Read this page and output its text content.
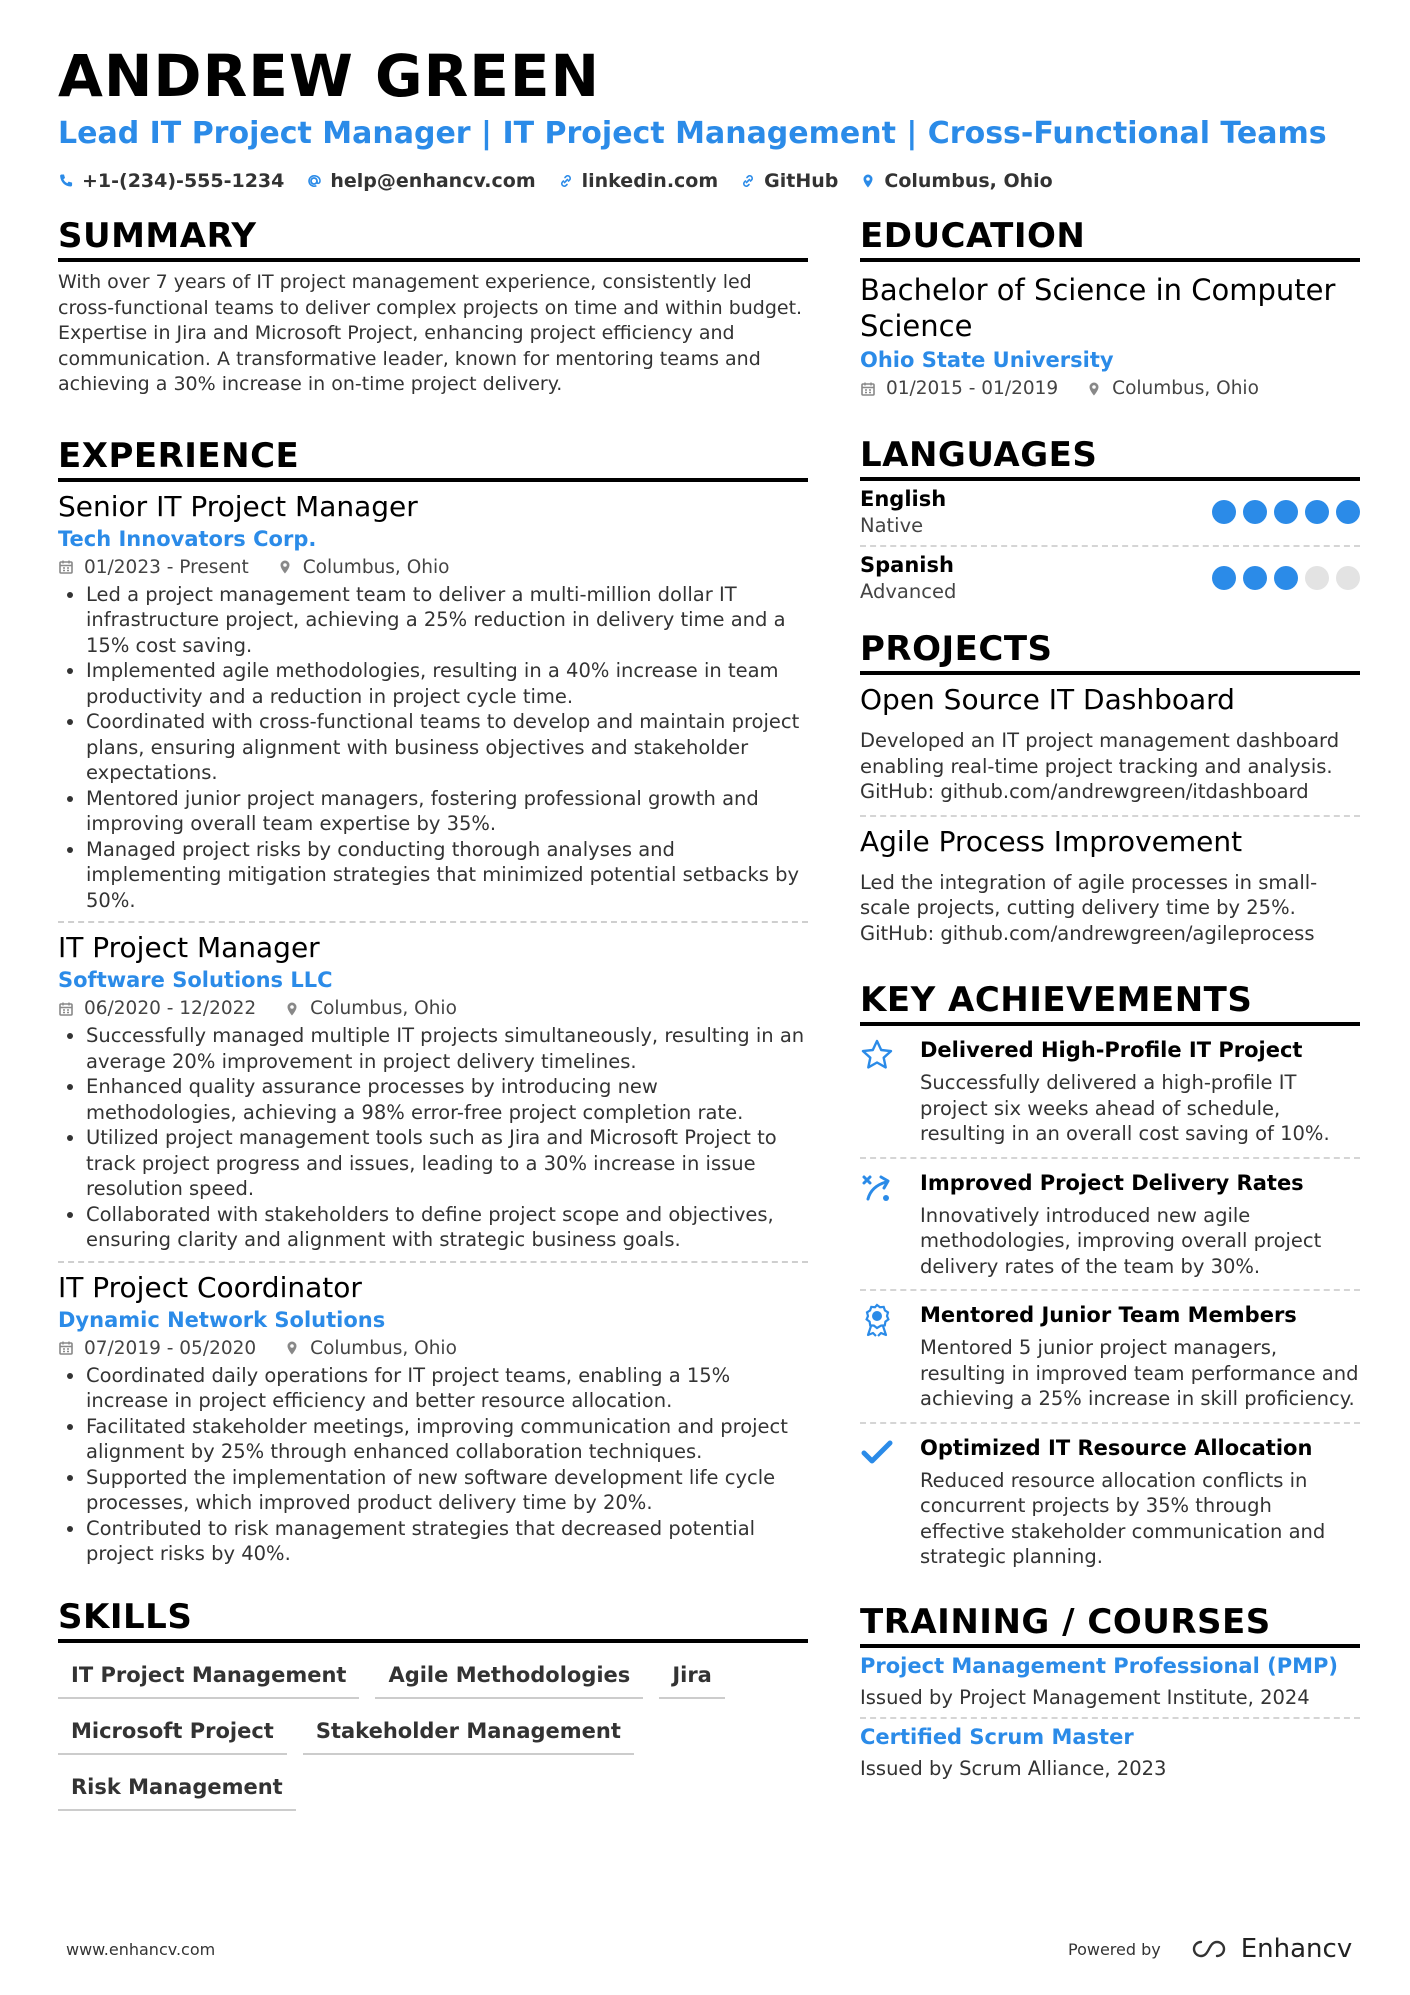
ANDREW GREEN
Lead IT Project Manager | IT Project Management | Cross-Functional Teams
+1-(234)-555-1234 help@enhancv.com linkedin.com GitHub Columbus, Ohio
SUMMARY

With over 7 years of IT project management experience, consistently led cross-functional teams to deliver complex projects on time and within budget. Expertise in Jira and Microsoft Project, enhancing project efficiency and communication. A transformative leader, known for mentoring teams and achieving a 30% increase in on-time project delivery.

EXPERIENCE
Senior IT Project Manager
Tech Innovators Corp.
01/2023 - Present	Columbus, Ohio
• Led a project management team to deliver a multi-million dollar IT infrastructure project, achieving a 25% reduction in delivery time and a 15% cost saving.
• Implemented agile methodologies, resulting in a 40% increase in team productivity and a reduction in project cycle time.
• Coordinated with cross-functional teams to develop and maintain project plans, ensuring alignment with business objectives and stakeholder expectations.
• Mentored junior project managers, fostering professional growth and improving overall team expertise by 35%.
• Managed project risks by conducting thorough analyses and implementing mitigation strategies that minimized potential setbacks by 50%.
IT Project Manager
Software Solutions LLC
06/2020 - 12/2022	Columbus, Ohio
• Successfully managed multiple IT projects simultaneously, resulting in an average 20% improvement in project delivery timelines.
• Enhanced quality assurance processes by introducing new methodologies, achieving a 98% error-free project completion rate.
• Utilized project management tools such as Jira and Microsoft Project to track project progress and issues, leading to a 30% increase in issue resolution speed.
• Collaborated with stakeholders to define project scope and objectives, ensuring clarity and alignment with strategic business goals.
IT Project Coordinator
Dynamic Network Solutions
07/2019 - 05/2020	Columbus, Ohio
• Coordinated daily operations for IT project teams, enabling a 15% increase in project efficiency and better resource allocation.
• Facilitated stakeholder meetings, improving communication and project alignment by 25% through enhanced collaboration techniques.
• Supported the implementation of new software development life cycle processes, which improved product delivery time by 20%.
• Contributed to risk management strategies that decreased potential project risks by 40%.
SKILLS
IT Project Management	Agile Methodologies	Jira
Microsoft Project	Stakeholder Management
Risk Management
EDUCATION
Bachelor of Science in Computer Science
Ohio State University
01/2015 - 01/2019	Columbus, Ohio
LANGUAGES
English
Native
Spanish
Advanced
PROJECTS
Open Source IT Dashboard
Developed an IT project management dashboard enabling real-time project tracking and analysis. GitHub: github.com/andrewgreen/itdashboard
Agile Process Improvement
Led the integration of agile processes in small-scale projects, cutting delivery time by 25%. GitHub: github.com/andrewgreen/agileprocess
KEY ACHIEVEMENTS
Delivered High-Profile IT Project
Successfully delivered a high-profile IT project six weeks ahead of schedule, resulting in an overall cost saving of 10%.
Improved Project Delivery Rates
Innovatively introduced new agile methodologies, improving overall project delivery rates of the team by 30%.
Mentored Junior Team Members
Mentored 5 junior project managers, resulting in improved team performance and achieving a 25% increase in skill proficiency.
Optimized IT Resource Allocation
Reduced resource allocation conflicts in concurrent projects by 35% through effective stakeholder communication and strategic planning.
TRAINING / COURSES
Project Management Professional (PMP)
Issued by Project Management Institute, 2024
Certified Scrum Master
Issued by Scrum Alliance, 2023
www.enhancv.com	Powered by	Enhancv
